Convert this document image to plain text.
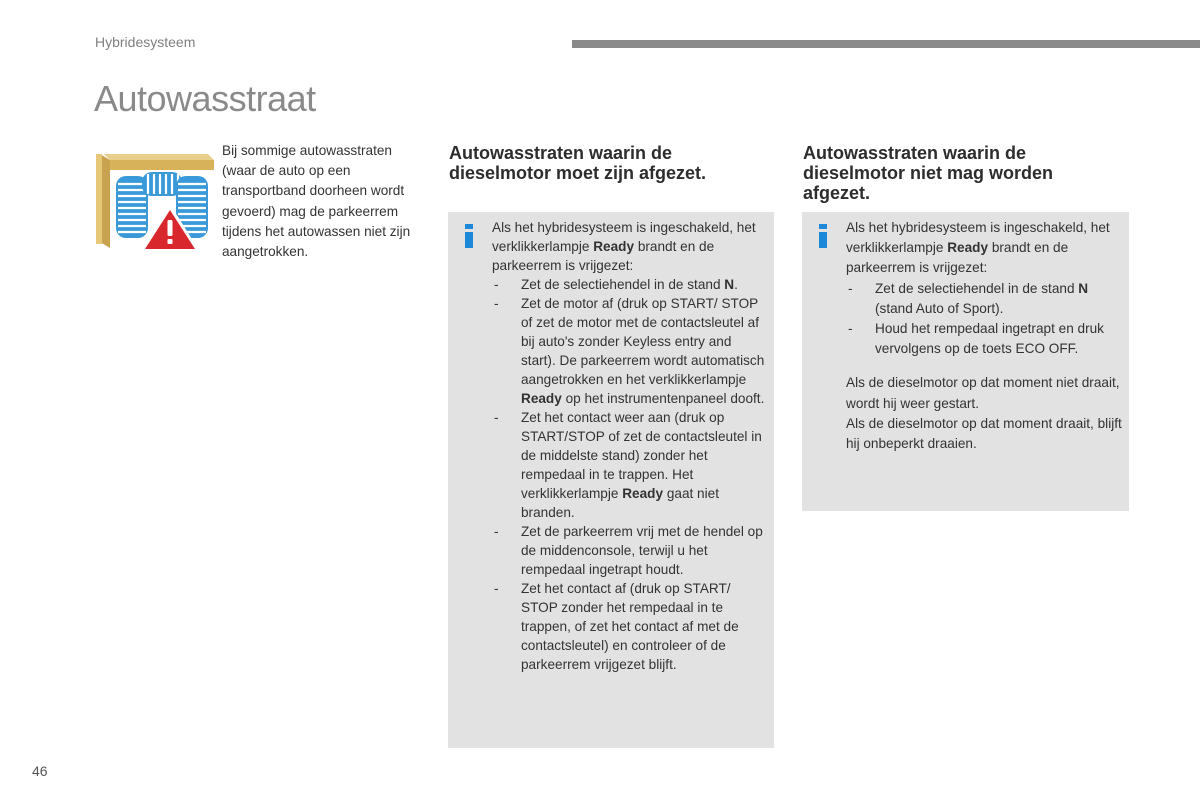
Hybridesysteem
Autowasstraat
Bij sommige autowasstraten (waar de auto op een transportband doorheen wordt gevoerd) mag de parkeerrem tijdens het autowassen niet zijn aangetrokken.
Autowasstraten waarin de dieselmotor moet zijn afgezet.
Autowasstraten waarin de dieselmotor niet mag worden afgezet.

Als het hybridesysteem is ingeschakeld, het verklikkerlampje Ready brandt en de parkeerrem is vrijgezet:

- Zet de selectiehendel in de stand N.
- Zet de motor af (druk op START/ STOP of zet de motor met de contactsleutel af bij auto's zonder Keyless entry and start). De parkeerrem wordt automatisch aangetrokken en het verklikkerlampje Ready op het instrumentenpaneel dooft.
- Zet het contact weer aan (druk op START/STOP of zet de contactsleutel in de middelste stand) zonder het rempedaal in te trappen. Het verklikkerlampje Ready gaat niet branden.
- Zet de parkeerrem vrij met de hendel op de middenconsole, terwijl u het rempedaal ingetrapt houdt.
- Zet het contact af (druk op START/ STOP zonder het rempedaal in te trappen, of zet het contact af met de contactsleutel) en controleer of de parkeerrem vrijgezet blijft.

Als het hybridesysteem is ingeschakeld, het verklikkerlampje Ready brandt en de parkeerrem is vrijgezet:

- Zet de selectiehendel in de stand N (stand Auto of Sport).
- Houd het rempedaal ingetrapt en druk vervolgens op de toets ECO OFF.

Als de dieselmotor op dat moment niet draait, wordt hij weer gestart.

Als de dieselmotor op dat moment draait, blijft hij onbeperkt draaien.

46
